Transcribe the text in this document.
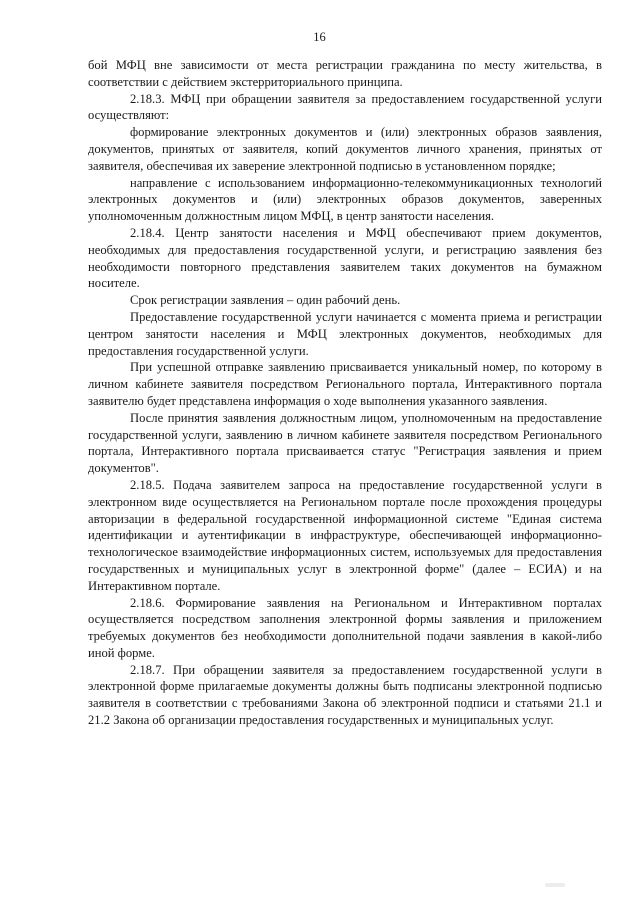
16

бой МФЦ вне зависимости от места регистрации гражданина по месту жительства, в соответствии с действием экстерриториального принципа.

2.18.3. МФЦ при обращении заявителя за предоставлением государственной услуги осуществляют:

формирование электронных документов и (или) электронных образов заявления, документов, принятых от заявителя, копий документов личного хранения, принятых от заявителя, обеспечивая их заверение электронной подписью в установленном порядке;

направление с использованием информационно-телекоммуникационных технологий электронных документов и (или) электронных образов документов, заверенных уполномоченным должностным лицом МФЦ, в центр занятости населения.

2.18.4. Центр занятости населения и МФЦ обеспечивают прием документов, необходимых для предоставления государственной услуги, и регистрацию заявления без необходимости повторного представления заявителем таких документов на бумажном носителе.

Срок регистрации заявления – один рабочий день.

Предоставление государственной услуги начинается с момента приема и регистрации центром занятости населения и МФЦ электронных документов, необходимых для предоставления государственной услуги.

При успешной отправке заявлению присваивается уникальный номер, по которому в личном кабинете заявителя посредством Регионального портала, Интерактивного портала заявителю будет представлена информация о ходе выполнения указанного заявления.

После принятия заявления должностным лицом, уполномоченным на предоставление государственной услуги, заявлению в личном кабинете заявителя посредством Регионального портала, Интерактивного портала присваивается статус "Регистрация заявления и прием документов".

2.18.5. Подача заявителем запроса на предоставление государственной услуги в электронном виде осуществляется на Региональном портале после прохождения процедуры авторизации в федеральной государственной информационной системе "Единая система идентификации и аутентификации в инфраструктуре, обеспечивающей информационно-технологическое взаимодействие информационных систем, используемых для предоставления государственных и муниципальных услуг в электронной форме" (далее – ЕСИА) и на Интерактивном портале.

2.18.6. Формирование заявления на Региональном и Интерактивном порталах осуществляется посредством заполнения электронной формы заявления и приложением требуемых документов без необходимости дополнительной подачи заявления в какой-либо иной форме.

2.18.7. При обращении заявителя за предоставлением государственной услуги в электронной форме прилагаемые документы должны быть подписаны электронной подписью заявителя в соответствии с требованиями Закона об электронной подписи и статьями 21.1 и 21.2 Закона об организации предоставления государственных и муниципальных услуг.
